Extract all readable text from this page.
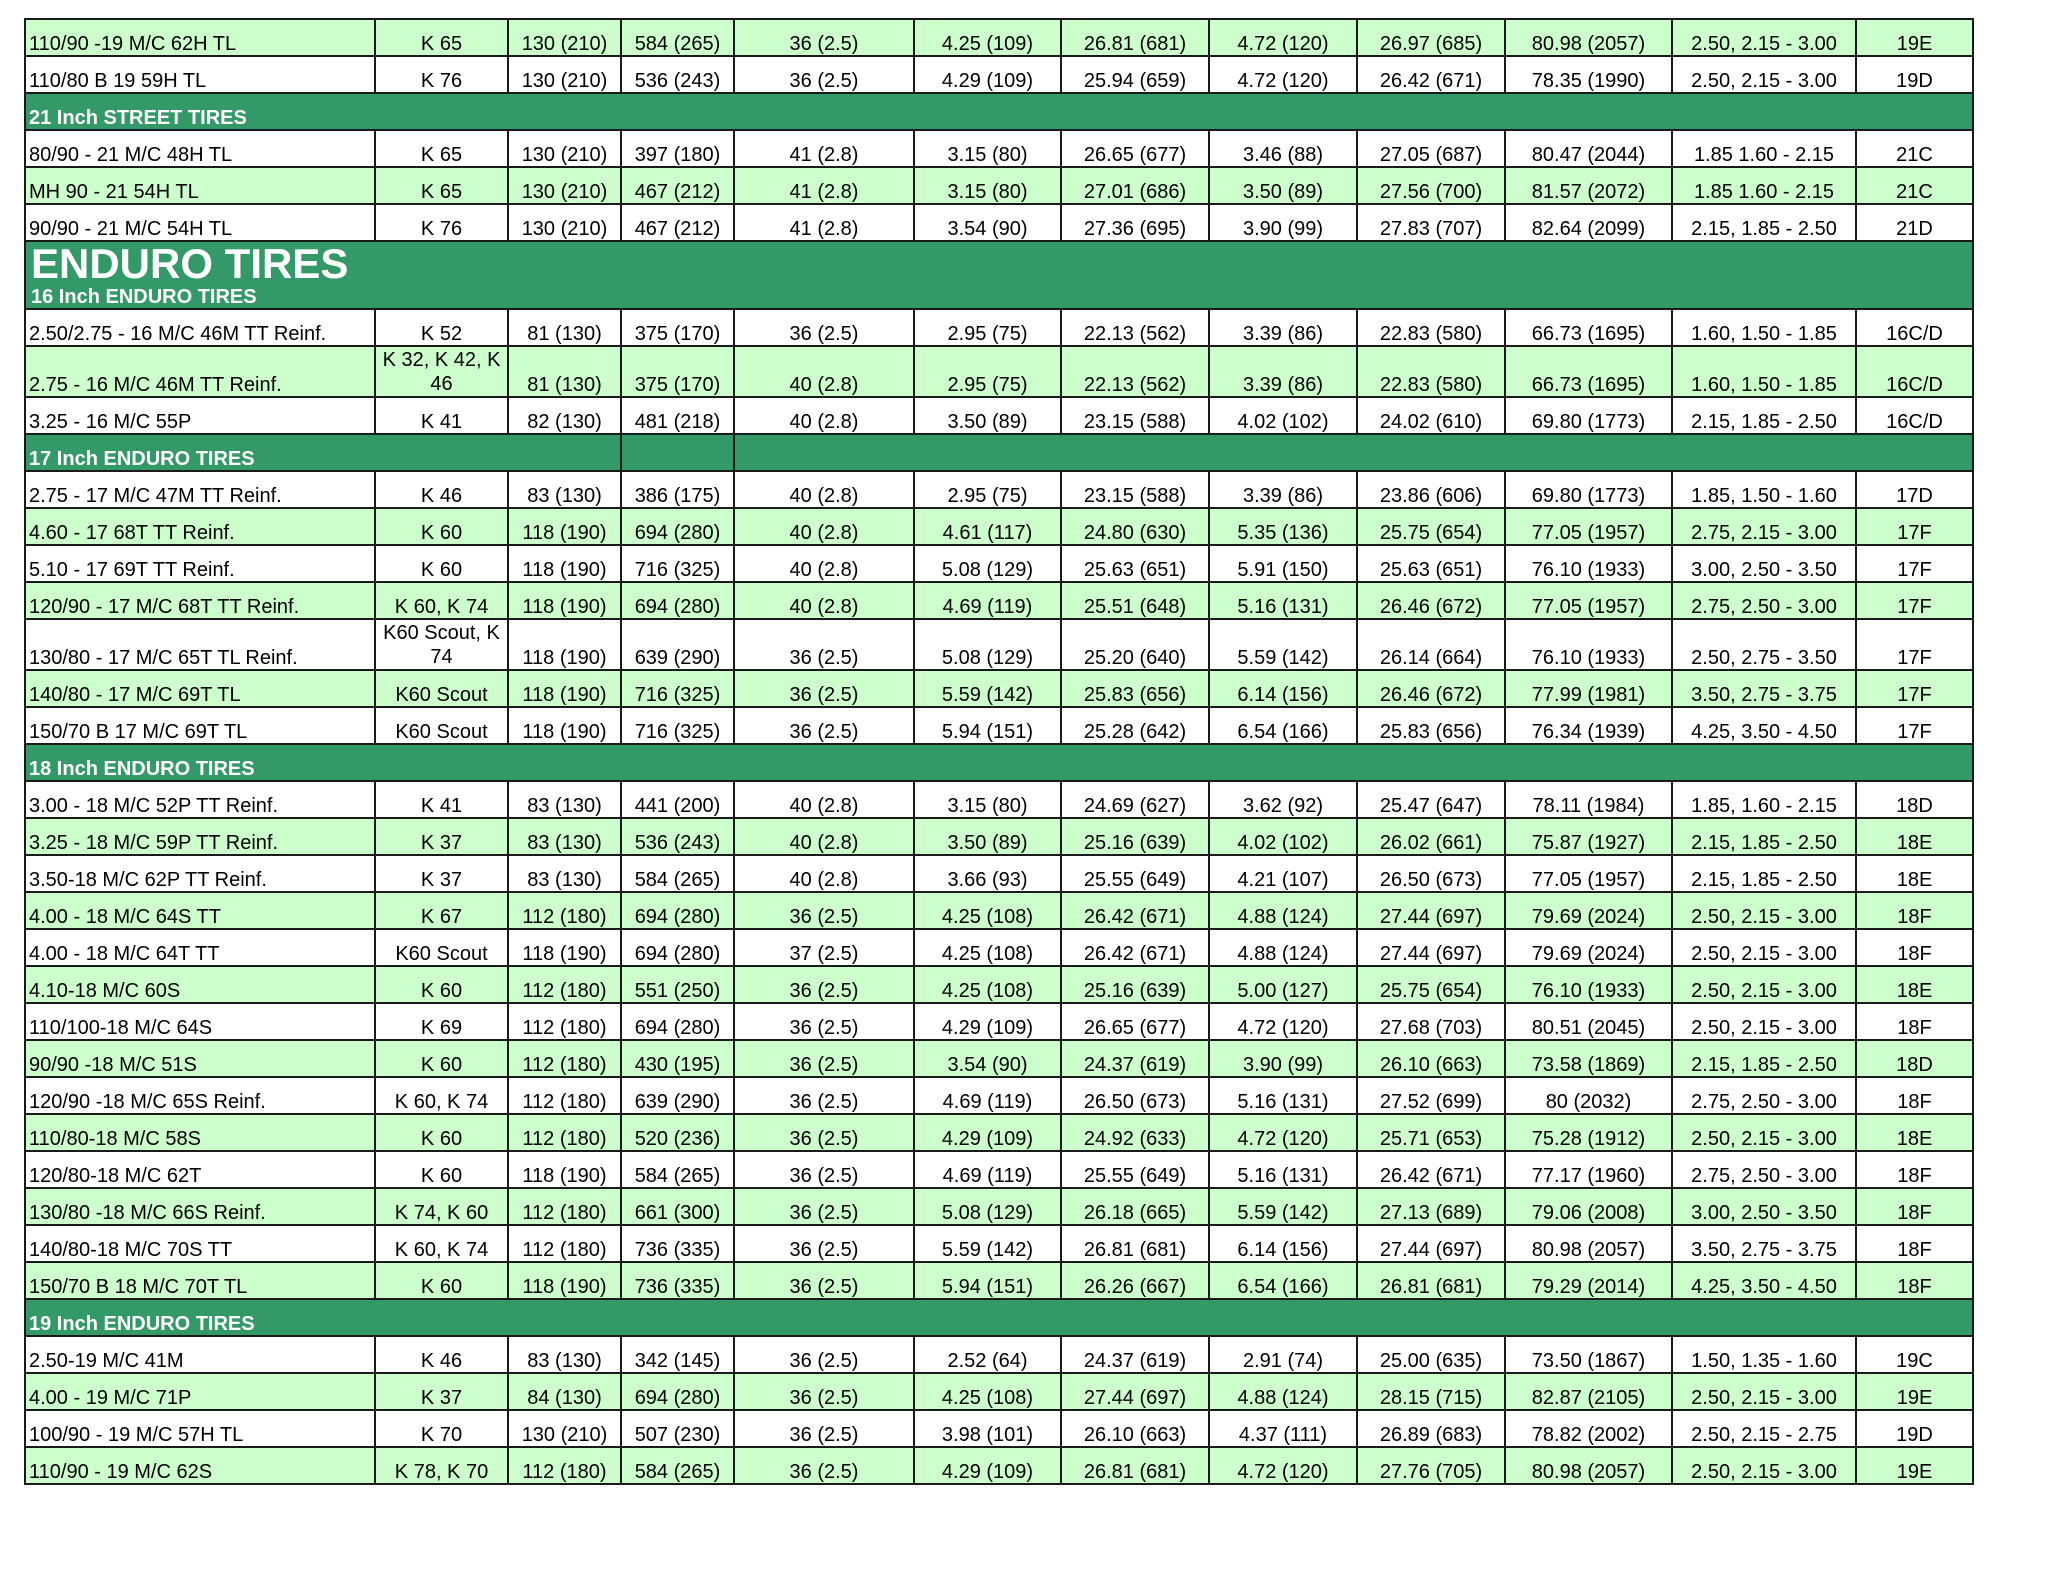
110/90 -19 M/C 62H TL	K 65	130 (210)	584 (265)	36 (2.5)	4.25 (109)	26.81 (681)	4.72 (120)	26.97 (685)	80.98 (2057)	2.50, 2.15 - 3.00	19E
110/80 B 19 59H TL	K 76	130 (210)	536 (243)	36 (2.5)	4.29 (109)	25.94 (659)	4.72 (120)	26.42 (671)	78.35 (1990)	2.50, 2.15 - 3.00	19D
21 Inch STREET TIRES											
80/90 - 21 M/C 48H TL	K 65	130 (210)	397 (180)	41 (2.8)	3.15 (80)	26.65 (677)	3.46 (88)	27.05 (687)	80.47 (2044)	1.85 1.60 - 2.15	21C
MH 90 - 21 54H TL	K 65	130 (210)	467 (212)	41 (2.8)	3.15 (80)	27.01 (686)	3.50 (89)	27.56 (700)	81.57 (2072)	1.85 1.60 - 2.15	21C
90/90 - 21 M/C 54H TL	K 76	130 (210)	467 (212)	41 (2.8)	3.54 (90)	27.36 (695)	3.90 (99)	27.83 (707)	82.64 (2099)	2.15, 1.85 - 2.50	21D

ENDURO TIRES
16 Inch ENDURO TIRES											

2.50/2.75 - 16 M/C 46M TT Reinf.	K 52	81 (130)	375 (170)	36 (2.5)	2.95 (75)	22.13 (562)	3.39 (86)	22.83 (580)	66.73 (1695)	1.60, 1.50 - 1.85	16C/D
2.75 - 16 M/C 46M TT Reinf.	K 32, K 42, K 46	81 (130)	375 (170)	40 (2.8)	2.95 (75)	22.13 (562)	3.39 (86)	22.83 (580)	66.73 (1695)	1.60, 1.50 - 1.85	16C/D
3.25 - 16 M/C 55P	K 41	82 (130)	481 (218)	40 (2.8)	3.50 (89)	23.15 (588)	4.02 (102)	24.02 (610)	69.80 (1773)	2.15, 1.85 - 2.50	16C/D
17 Inch ENDURO TIRES											
2.75 - 17 M/C 47M TT Reinf.	K 46	83 (130)	386 (175)	40 (2.8)	2.95 (75)	23.15 (588)	3.39 (86)	23.86 (606)	69.80 (1773)	1.85, 1.50 - 1.60	17D
4.60 - 17 68T TT Reinf.	K 60	118 (190)	694 (280)	40 (2.8)	4.61 (117)	24.80 (630)	5.35 (136)	25.75 (654)	77.05 (1957)	2.75, 2.15 - 3.00	17F
5.10 - 17 69T TT Reinf.	K 60	118 (190)	716 (325)	40 (2.8)	5.08 (129)	25.63 (651)	5.91 (150)	25.63 (651)	76.10 (1933)	3.00, 2.50 - 3.50	17F
120/90 - 17 M/C 68T TT Reinf.	K 60, K 74	118 (190)	694 (280)	40 (2.8)	4.69 (119)	25.51 (648)	5.16 (131)	26.46 (672)	77.05 (1957)	2.75, 2.50 - 3.00	17F
130/80 - 17 M/C 65T TL Reinf.	K60 Scout, K 74	118 (190)	639 (290)	36 (2.5)	5.08 (129)	25.20 (640)	5.59 (142)	26.14 (664)	76.10 (1933)	2.50, 2.75 - 3.50	17F
140/80 - 17 M/C 69T TL	K60 Scout	118 (190)	716 (325)	36 (2.5)	5.59 (142)	25.83 (656)	6.14 (156)	26.46 (672)	77.99 (1981)	3.50, 2.75 - 3.75	17F
150/70 B 17 M/C 69T TL	K60 Scout	118 (190)	716 (325)	36 (2.5)	5.94 (151)	25.28 (642)	6.54 (166)	25.83 (656)	76.34 (1939)	4.25, 3.50 - 4.50	17F
18 Inch ENDURO TIRES											
3.00 - 18 M/C 52P TT Reinf.	K 41	83 (130)	441 (200)	40 (2.8)	3.15 (80)	24.69 (627)	3.62 (92)	25.47 (647)	78.11 (1984)	1.85, 1.60 - 2.15	18D
3.25 - 18 M/C 59P TT Reinf.	K 37	83 (130)	536 (243)	40 (2.8)	3.50 (89)	25.16 (639)	4.02 (102)	26.02 (661)	75.87 (1927)	2.15, 1.85 - 2.50	18E
3.50-18 M/C 62P TT Reinf.	K 37	83 (130)	584 (265)	40 (2.8)	3.66 (93)	25.55 (649)	4.21 (107)	26.50 (673)	77.05 (1957)	2.15, 1.85 - 2.50	18E
4.00 - 18 M/C 64S TT	K 67	112 (180)	694 (280)	36 (2.5)	4.25 (108)	26.42 (671)	4.88 (124)	27.44 (697)	79.69 (2024)	2.50, 2.15 - 3.00	18F
4.00 - 18 M/C 64T TT	K60 Scout	118 (190)	694 (280)	37 (2.5)	4.25 (108)	26.42 (671)	4.88 (124)	27.44 (697)	79.69 (2024)	2.50, 2.15 - 3.00	18F
4.10-18 M/C 60S	K 60	112 (180)	551 (250)	36 (2.5)	4.25 (108)	25.16 (639)	5.00 (127)	25.75 (654)	76.10 (1933)	2.50, 2.15 - 3.00	18E
110/100-18 M/C 64S	K 69	112 (180)	694 (280)	36 (2.5)	4.29 (109)	26.65 (677)	4.72 (120)	27.68 (703)	80.51 (2045)	2.50, 2.15 - 3.00	18F
90/90 -18 M/C 51S	K 60	112 (180)	430 (195)	36 (2.5)	3.54 (90)	24.37 (619)	3.90 (99)	26.10 (663)	73.58 (1869)	2.15, 1.85 - 2.50	18D
120/90 -18 M/C 65S Reinf.	K 60, K 74	112 (180)	639 (290)	36 (2.5)	4.69 (119)	26.50 (673)	5.16 (131)	27.52 (699)	80 (2032)	2.75, 2.50 - 3.00	18F
110/80-18 M/C 58S	K 60	112 (180)	520 (236)	36 (2.5)	4.29 (109)	24.92 (633)	4.72 (120)	25.71 (653)	75.28 (1912)	2.50, 2.15 - 3.00	18E
120/80-18 M/C 62T	K 60	118 (190)	584 (265)	36 (2.5)	4.69 (119)	25.55 (649)	5.16 (131)	26.42 (671)	77.17 (1960)	2.75, 2.50 - 3.00	18F
130/80 -18 M/C 66S Reinf.	K 74, K 60	112 (180)	661 (300)	36 (2.5)	5.08 (129)	26.18 (665)	5.59 (142)	27.13 (689)	79.06 (2008)	3.00, 2.50 - 3.50	18F
140/80-18 M/C 70S TT	K 60, K 74	112 (180)	736 (335)	36 (2.5)	5.59 (142)	26.81 (681)	6.14 (156)	27.44 (697)	80.98 (2057)	3.50, 2.75 - 3.75	18F
150/70 B 18 M/C 70T TL	K 60	118 (190)	736 (335)	36 (2.5)	5.94 (151)	26.26 (667)	6.54 (166)	26.81 (681)	79.29 (2014)	4.25, 3.50 - 4.50	18F
19 Inch ENDURO TIRES											
2.50-19 M/C 41M	K 46	83 (130)	342 (145)	36 (2.5)	2.52 (64)	24.37 (619)	2.91 (74)	25.00 (635)	73.50 (1867)	1.50, 1.35 - 1.60	19C
4.00 - 19 M/C 71P	K 37	84 (130)	694 (280)	36 (2.5)	4.25 (108)	27.44 (697)	4.88 (124)	28.15 (715)	82.87 (2105)	2.50, 2.15 - 3.00	19E
100/90 - 19 M/C 57H TL	K 70	130 (210)	507 (230)	36 (2.5)	3.98 (101)	26.10 (663)	4.37 (111)	26.89 (683)	78.82 (2002)	2.50, 2.15 - 2.75	19D
110/90 - 19 M/C 62S	K 78, K 70	112 (180)	584 (265)	36 (2.5)	4.29 (109)	26.81 (681)	4.72 (120)	27.76 (705)	80.98 (2057)	2.50, 2.15 - 3.00	19E
